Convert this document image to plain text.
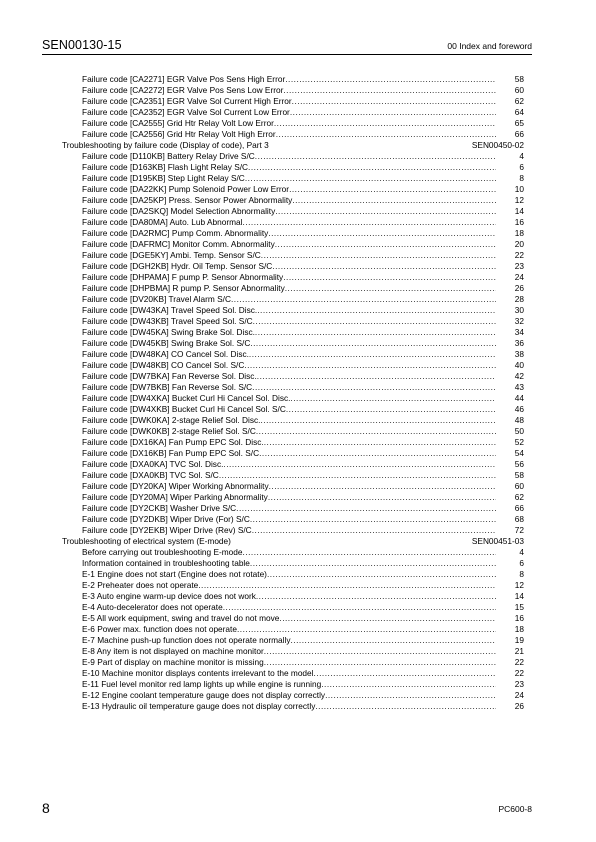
SEN00130-15	00 Index and foreword
Failure code [CA2271] EGR Valve Pos Sens High Error .....	58
Failure code [CA2272] EGR Valve Pos Sens Low Error .....	60
Failure code [CA2351] EGR Valve Sol Current High Error .....	62
Failure code [CA2352] EGR Valve Sol Current Low Error .....	64
Failure code [CA2555] Grid Htr Relay Volt Low Error .....	65
Failure code [CA2556] Grid Htr Relay Volt High Error .....	66
Troubleshooting by failure code (Display of code), Part 3	SEN00450-02
Failure code [D110KB] Battery Relay Drive S/C .....	4
Failure code [D163KB] Flash Light Relay S/C .....	6
Failure code [D195KB] Step Light Relay S/C .....	8
Failure code [DA22KK] Pump Solenoid Power Low Error .....	10
Failure code [DA25KP] Press. Sensor Power Abnormality .....	12
Failure code [DA2SKQ] Model Selection Abnormality .....	14
Failure code [DA80MA] Auto. Lub Abnormal .....	16
Failure code [DA2RMC] Pump Comm. Abnormality .....	18
Failure code [DAFRMC] Monitor Comm. Abnormality .....	20
Failure code [DGE5KY] Ambi. Temp. Sensor S/C .....	22
Failure code [DGH2KB] Hydr. Oil Temp. Sensor S/C .....	23
Failure code [DHPAMA] F pump P. Sensor Abnormality .....	24
Failure code [DHPBMA] R pump P. Sensor Abnormality .....	26
Failure code [DV20KB] Travel Alarm S/C .....	28
Failure code [DW43KA] Travel Speed Sol. Disc. .....	30
Failure code [DW43KB] Travel Speed Sol. S/C .....	32
Failure code [DW45KA] Swing Brake Sol. Disc. .....	34
Failure code [DW45KB] Swing Brake Sol. S/C .....	36
Failure code [DW48KA] CO Cancel Sol. Disc. .....	38
Failure code [DW48KB] CO Cancel Sol. S/C .....	40
Failure code [DW7BKA] Fan Reverse Sol. Disc. .....	42
Failure code [DW7BKB] Fan Reverse Sol. S/C .....	43
Failure code [DW4XKA] Bucket Curl Hi Cancel Sol. Disc. .....	44
Failure code [DW4XKB] Bucket Curl Hi Cancel Sol. S/C .....	46
Failure code [DWK0KA] 2-stage Relief Sol. Disc. .....	48
Failure code [DWK0KB] 2-stage Relief Sol. S/C .....	50
Failure code [DX16KA] Fan Pump EPC Sol. Disc. .....	52
Failure code [DX16KB] Fan Pump EPC Sol. S/C .....	54
Failure code [DXA0KA] TVC Sol. Disc. .....	56
Failure code [DXA0KB] TVC Sol. S/C .....	58
Failure code [DY20KA] Wiper Working Abnormality .....	60
Failure code [DY20MA] Wiper Parking Abnormality .....	62
Failure code [DY2CKB] Washer Drive S/C .....	66
Failure code [DY2DKB] Wiper Drive (For) S/C .....	68
Failure code [DY2EKB] Wiper Drive (Rev) S/C .....	72
Troubleshooting of electrical system (E-mode)	SEN00451-03
Before carrying out troubleshooting E-mode .....	4
Information contained in troubleshooting table .....	6
E-1 Engine does not start (Engine does not rotate) .....	8
E-2 Preheater does not operate .....	12
E-3 Auto engine warm-up device does not work .....	14
E-4 Auto-decelerator does not operate .....	15
E-5 All work equipment, swing and travel do not move .....	16
E-6 Power max. function does not operate .....	18
E-7 Machine push-up function does not operate normally .....	19
E-8 Any item is not displayed on machine monitor .....	21
E-9 Part of display on machine monitor is missing .....	22
E-10 Machine monitor displays contents irrelevant to the model .....	22
E-11 Fuel level monitor red lamp lights up while engine is running .....	23
E-12 Engine coolant temperature gauge does not display correctly .....	24
E-13 Hydraulic oil temperature gauge does not display correctly .....	26
8	PC600-8
